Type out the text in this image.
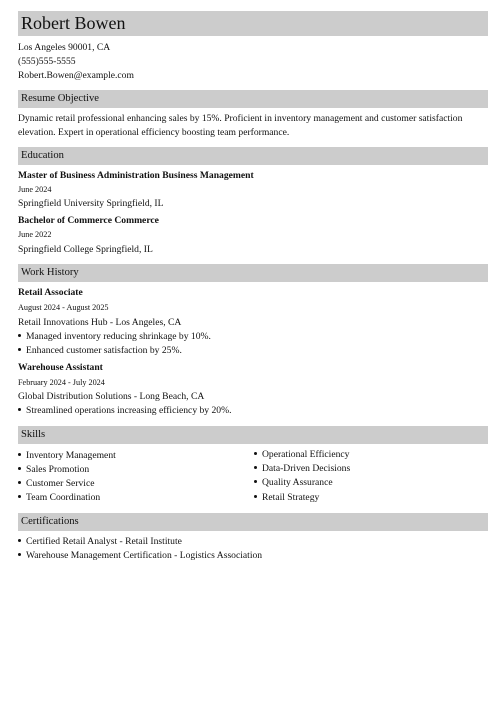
Robert Bowen
Los Angeles 90001, CA
(555)555-5555
Robert.Bowen@example.com
Resume Objective
Dynamic retail professional enhancing sales by 15%. Proficient in inventory management and customer satisfaction elevation. Expert in operational efficiency boosting team performance.
Education
Master of Business Administration Business Management
June 2024
Springfield University Springfield, IL
Bachelor of Commerce Commerce
June 2022
Springfield College Springfield, IL
Work History
Retail Associate
August 2024 - August 2025
Retail Innovations Hub - Los Angeles, CA
Managed inventory reducing shrinkage by 10%.
Enhanced customer satisfaction by 25%.
Warehouse Assistant
February 2024 - July 2024
Global Distribution Solutions - Long Beach, CA
Streamlined operations increasing efficiency by 20%.
Skills
Inventory Management
Sales Promotion
Customer Service
Team Coordination
Operational Efficiency
Data-Driven Decisions
Quality Assurance
Retail Strategy
Certifications
Certified Retail Analyst - Retail Institute
Warehouse Management Certification - Logistics Association
